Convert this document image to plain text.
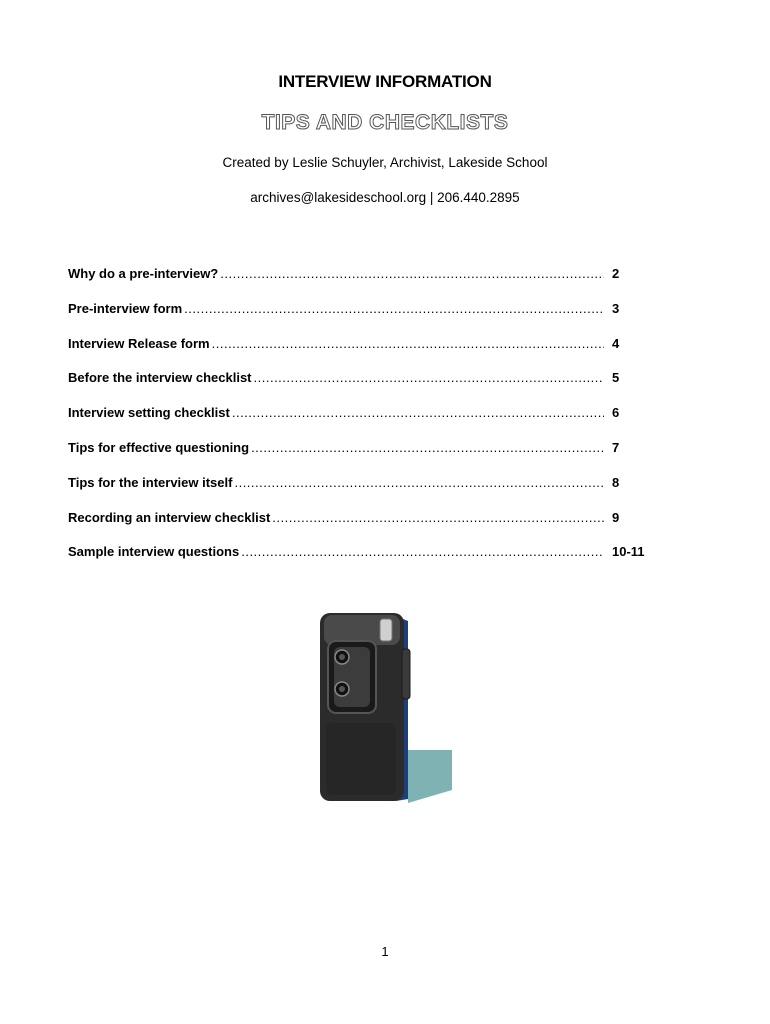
INTERVIEW INFORMATION
TIPS AND CHECKLISTS
Created by Leslie Schuyler, Archivist, Lakeside School
archives@lakesideschool.org | 206.440.2895
Why do a pre-interview? .....	2
Pre-interview form .....	3
Interview Release form .....	4
Before the interview checklist .....	5
Interview setting checklist .....	6
Tips for effective questioning .....	7
Tips for the interview itself .....	8
Recording an interview checklist .....	9
Sample interview questions .....	10-11
1
